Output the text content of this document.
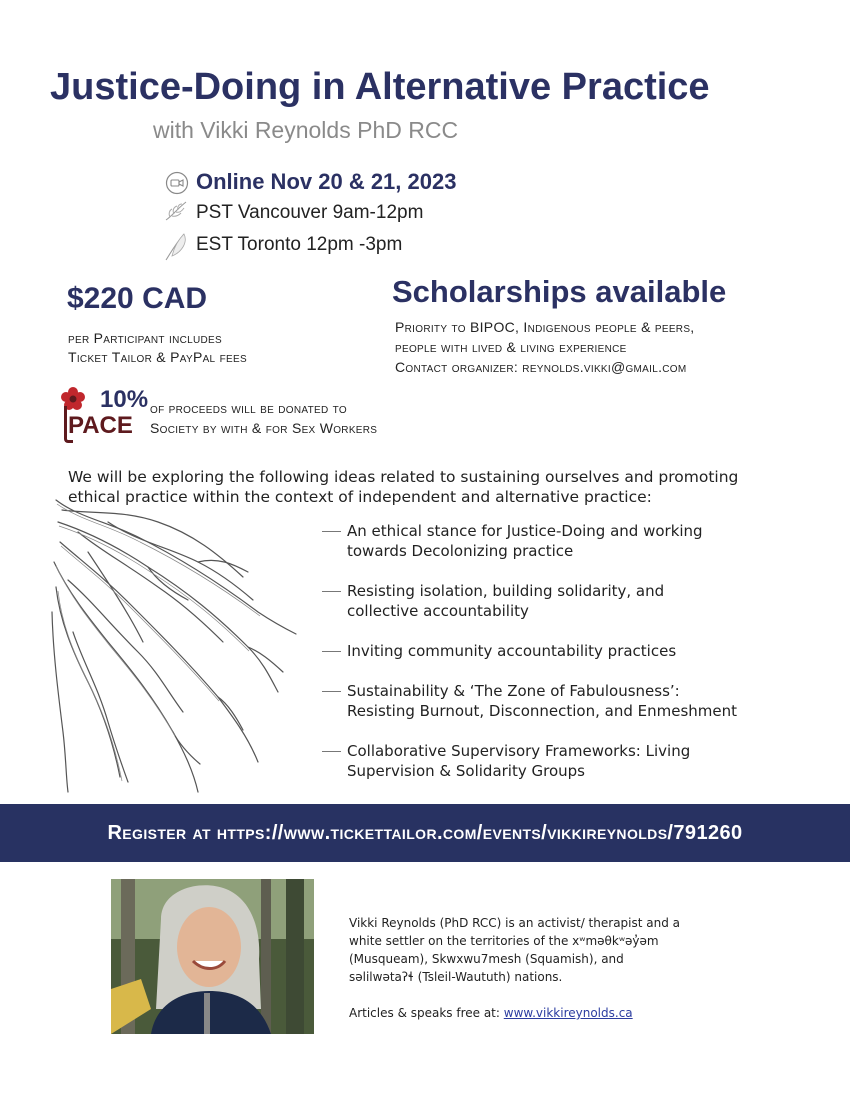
Justice-Doing in Alternative Practice
with Vikki Reynolds PhD RCC
Online Nov 20 & 21, 2023
PST Vancouver 9am-12pm
EST Toronto 12pm -3pm
$220 CAD
per Participant includes
Ticket Tailor & PayPal fees
Scholarships available
Priority to BIPOC, Indigenous people & peers,
people with lived & living experience
Contact organizer: reynolds.vikki@gmail.com
10%
PACE
of proceeds will be donated to
Society by with & for Sex Workers
We will be exploring the following ideas related to sustaining ourselves and promoting ethical practice within the context of independent and alternative practice:
An ethical stance for Justice-Doing and working
towards Decolonizing practice
Resisting isolation, building solidarity, and
collective accountability
Inviting community accountability practices
Sustainability & ‘The Zone of Fabulousness’:
Resisting Burnout, Disconnection, and Enmeshment
Collaborative Supervisory Frameworks: Living
Supervision & Solidarity Groups
Register at https://www.tickettailor.com/events/vikkireynolds/791260
Vikki Reynolds (PhD RCC) is an activist/ therapist and a white settler on the territories of the xʷməθkʷəy̓əm (Musqueam), Skwxwu7mesh (Squamish), and səlilwətaʔɬ (Tsleil-Waututh) nations.
Articles & speaks free at: www.vikkireynolds.ca
